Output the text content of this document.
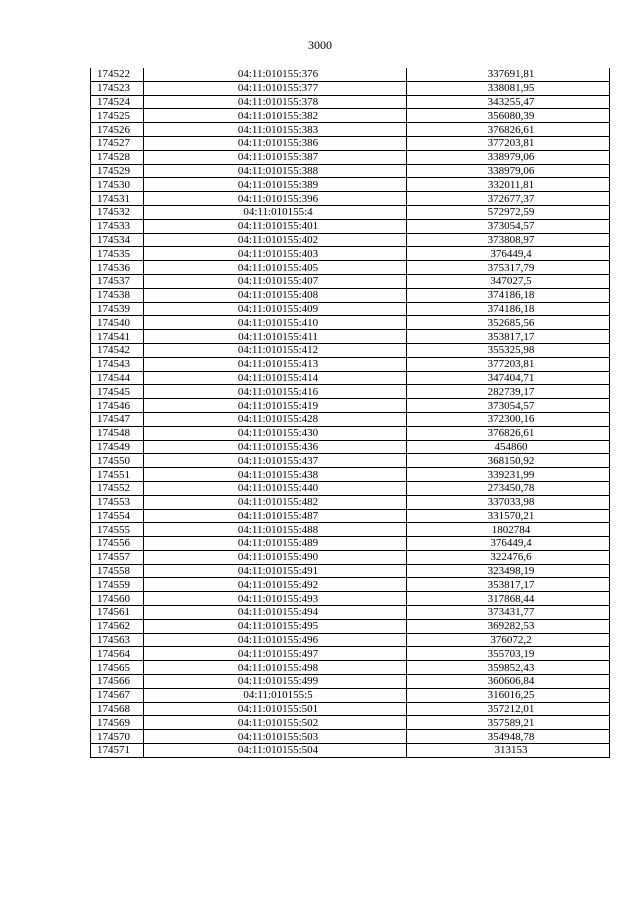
3000
174522	04:11:010155:376	337691,81
174523	04:11:010155:377	338081,95
174524	04:11:010155:378	343255,47
174525	04:11:010155:382	356080,39
174526	04:11:010155:383	376826,61
174527	04:11:010155:386	377203,81
174528	04:11:010155:387	338979,06
174529	04:11:010155:388	338979,06
174530	04:11:010155:389	332011,81
174531	04:11:010155:396	372677,37
174532	04:11:010155:4	572972,59
174533	04:11:010155:401	373054,57
174534	04:11:010155:402	373808,97
174535	04:11:010155:403	376449,4
174536	04:11:010155:405	375317,79
174537	04:11:010155:407	347027,5
174538	04:11:010155:408	374186,18
174539	04:11:010155:409	374186,18
174540	04:11:010155:410	352685,56
174541	04:11:010155:411	353817,17
174542	04:11:010155:412	355325,98
174543	04:11:010155:413	377203,81
174544	04:11:010155:414	347404,71
174545	04:11:010155:416	282739,17
174546	04:11:010155:419	373054,57
174547	04:11:010155:428	372300,16
174548	04:11:010155:430	376826,61
174549	04:11:010155:436	454860
174550	04:11:010155:437	368150,92
174551	04:11:010155:438	339231,99
174552	04:11:010155:440	273450,78
174553	04:11:010155:482	337033,98
174554	04:11:010155:487	331570,21
174555	04:11:010155:488	1802784
174556	04:11:010155:489	376449,4
174557	04:11:010155:490	322476,6
174558	04:11:010155:491	323498,19
174559	04:11:010155:492	353817,17
174560	04:11:010155:493	317868,44
174561	04:11:010155:494	373431,77
174562	04:11:010155:495	369282,53
174563	04:11:010155:496	376072,2
174564	04:11:010155:497	355703,19
174565	04:11:010155:498	359852,43
174566	04:11:010155:499	360606,84
174567	04:11:010155:5	316016,25
174568	04:11:010155:501	357212,01
174569	04:11:010155:502	357589,21
174570	04:11:010155:503	354948,78
174571	04:11:010155:504	313153
